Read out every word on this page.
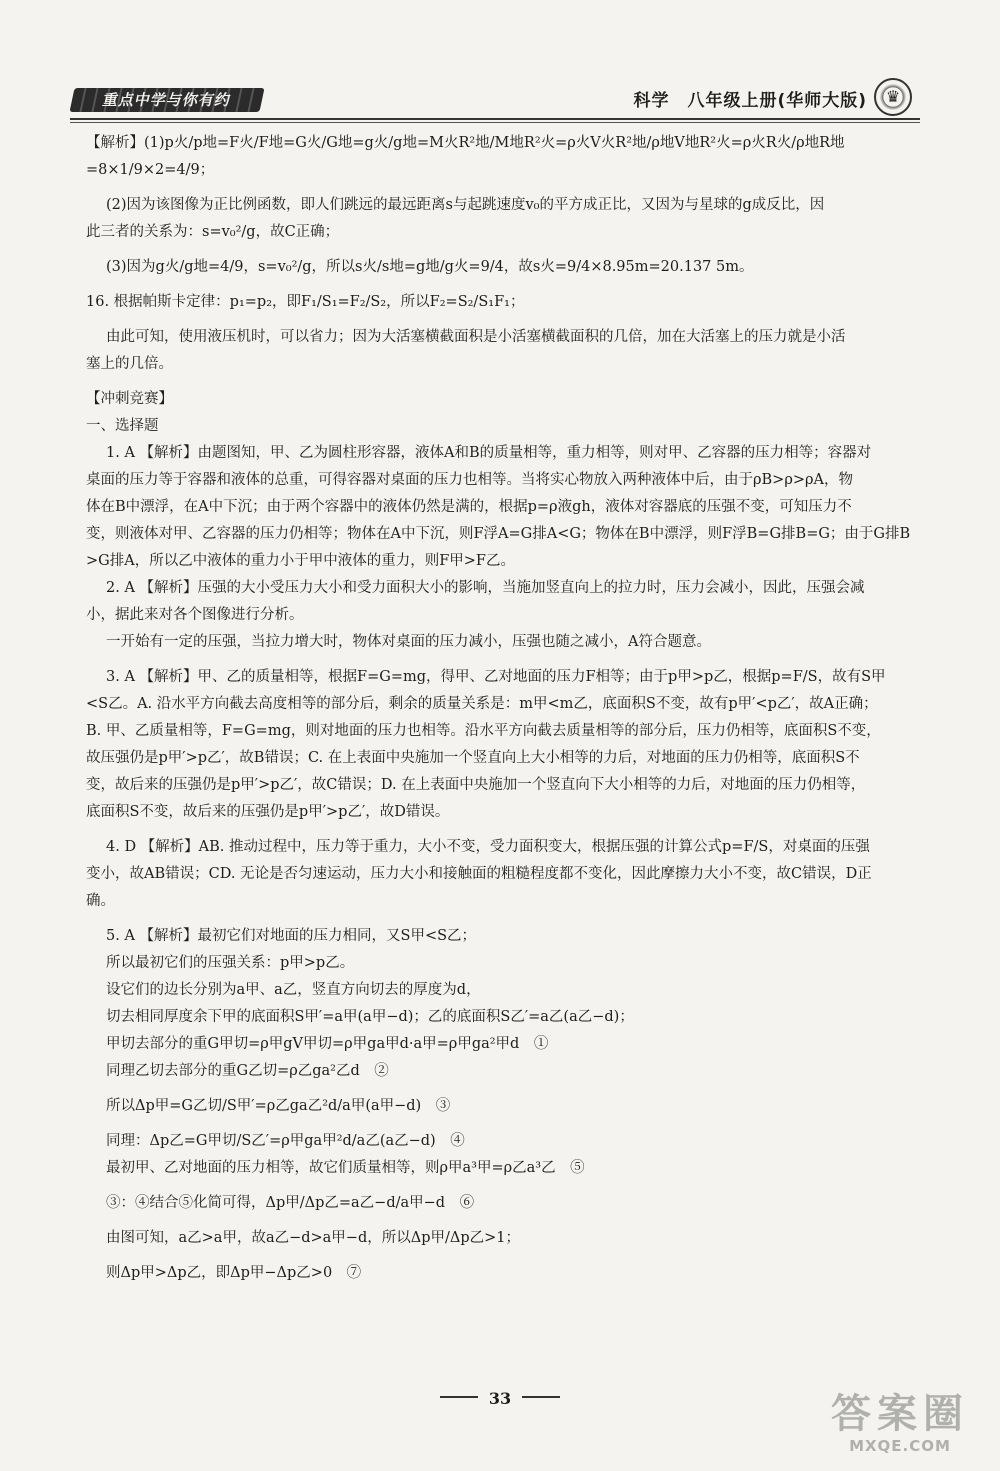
重点中学与你有约	科学　八年级上册(华师大版)	♛

【解析】(1)p火/p地=F火/F地=G火/G地=g火/g地=M火R²地/M地R²火=ρ火V火R²地/ρ地V地R²火=ρ火R火/ρ地R地=8×1/9×2=4/9；

(2)因为该图像为正比例函数，即人们跳远的最远距离s与起跳速度v₀的平方成正比，又因为与星球的g成反比，因

此三者的关系为：s=v₀²/g，故C正确；

(3)因为g火/g地=4/9，s=v₀²/g，所以s火/s地=g地/g火=9/4，故s火=9/4×8.95m=20.137 5m。

16. 根据帕斯卡定律：p₁=p₂，即F₁/S₁=F₂/S₂，所以F₂=S₂/S₁F₁；

由此可知，使用液压机时，可以省力；因为大活塞横截面积是小活塞横截面积的几倍，加在大活塞上的压力就是小活

塞上的几倍。

【冲刺竞赛】

一、选择题

1. A 【解析】由题图知，甲、乙为圆柱形容器，液体A和B的质量相等，重力相等，则对甲、乙容器的压力相等；容器对

桌面的压力等于容器和液体的总重，可得容器对桌面的压力也相等。当将实心物放入两种液体中后，由于ρB>ρ>ρA，物

体在B中漂浮，在A中下沉；由于两个容器中的液体仍然是满的，根据p=ρ液gh，液体对容器底的压强不变，可知压力不

变，则液体对甲、乙容器的压力仍相等；物体在A中下沉，则F浮A=G排A<G；物体在B中漂浮，则F浮B=G排B=G；由于G排B

>G排A，所以乙中液体的重力小于甲中液体的重力，则F甲>F乙。

2. A 【解析】压强的大小受压力大小和受力面积大小的影响，当施加竖直向上的拉力时，压力会减小，因此，压强会减

小，据此来对各个图像进行分析。

一开始有一定的压强，当拉力增大时，物体对桌面的压力减小，压强也随之减小，A符合题意。

3. A 【解析】甲、乙的质量相等，根据F=G=mg，得甲、乙对地面的压力F相等；由于p甲>p乙，根据p=F/S，故有S甲

<S乙。A. 沿水平方向截去高度相等的部分后，剩余的质量关系是：m甲<m乙，底面积S不变，故有p甲′<p乙′，故A正确；

B. 甲、乙质量相等，F=G=mg，则对地面的压力也相等。沿水平方向截去质量相等的部分后，压力仍相等，底面积S不变，

故压强仍是p甲′>p乙′，故B错误；C. 在上表面中央施加一个竖直向上大小相等的力后，对地面的压力仍相等，底面积S不

变，故后来的压强仍是p甲′>p乙′，故C错误；D. 在上表面中央施加一个竖直向下大小相等的力后，对地面的压力仍相等，

底面积S不变，故后来的压强仍是p甲′>p乙′，故D错误。

4. D 【解析】AB. 推动过程中，压力等于重力，大小不变，受力面积变大，根据压强的计算公式p=F/S，对桌面的压强

变小，故AB错误；CD. 无论是否匀速运动，压力大小和接触面的粗糙程度都不变化，因此摩擦力大小不变，故C错误，D正

确。

5. A 【解析】最初它们对地面的压力相同，又S甲<S乙；

所以最初它们的压强关系：p甲>p乙。

设它们的边长分别为a甲、a乙，竖直方向切去的厚度为d，

切去相同厚度余下甲的底面积S甲′=a甲(a甲−d)；乙的底面积S乙′=a乙(a乙−d)；

甲切去部分的重G甲切=ρ甲gV甲切=ρ甲ga甲d·a甲=ρ甲ga²甲d　①

同理乙切去部分的重G乙切=ρ乙ga²乙d　②

所以Δp甲=G乙切/S甲′=ρ乙ga乙²d/a甲(a甲−d)　③

同理：Δp乙=G甲切/S乙′=ρ甲ga甲²d/a乙(a乙−d)　④

最初甲、乙对地面的压力相等，故它们质量相等，则ρ甲a³甲=ρ乙a³乙　⑤

③：④结合⑤化简可得，Δp甲/Δp乙=a乙−d/a甲−d　⑥

由图可知，a乙>a甲，故a乙−d>a甲−d，所以Δp甲/Δp乙>1；

则Δp甲>Δp乙，即Δp甲−Δp乙>0　⑦

33	答案圈
MXQE.COM
